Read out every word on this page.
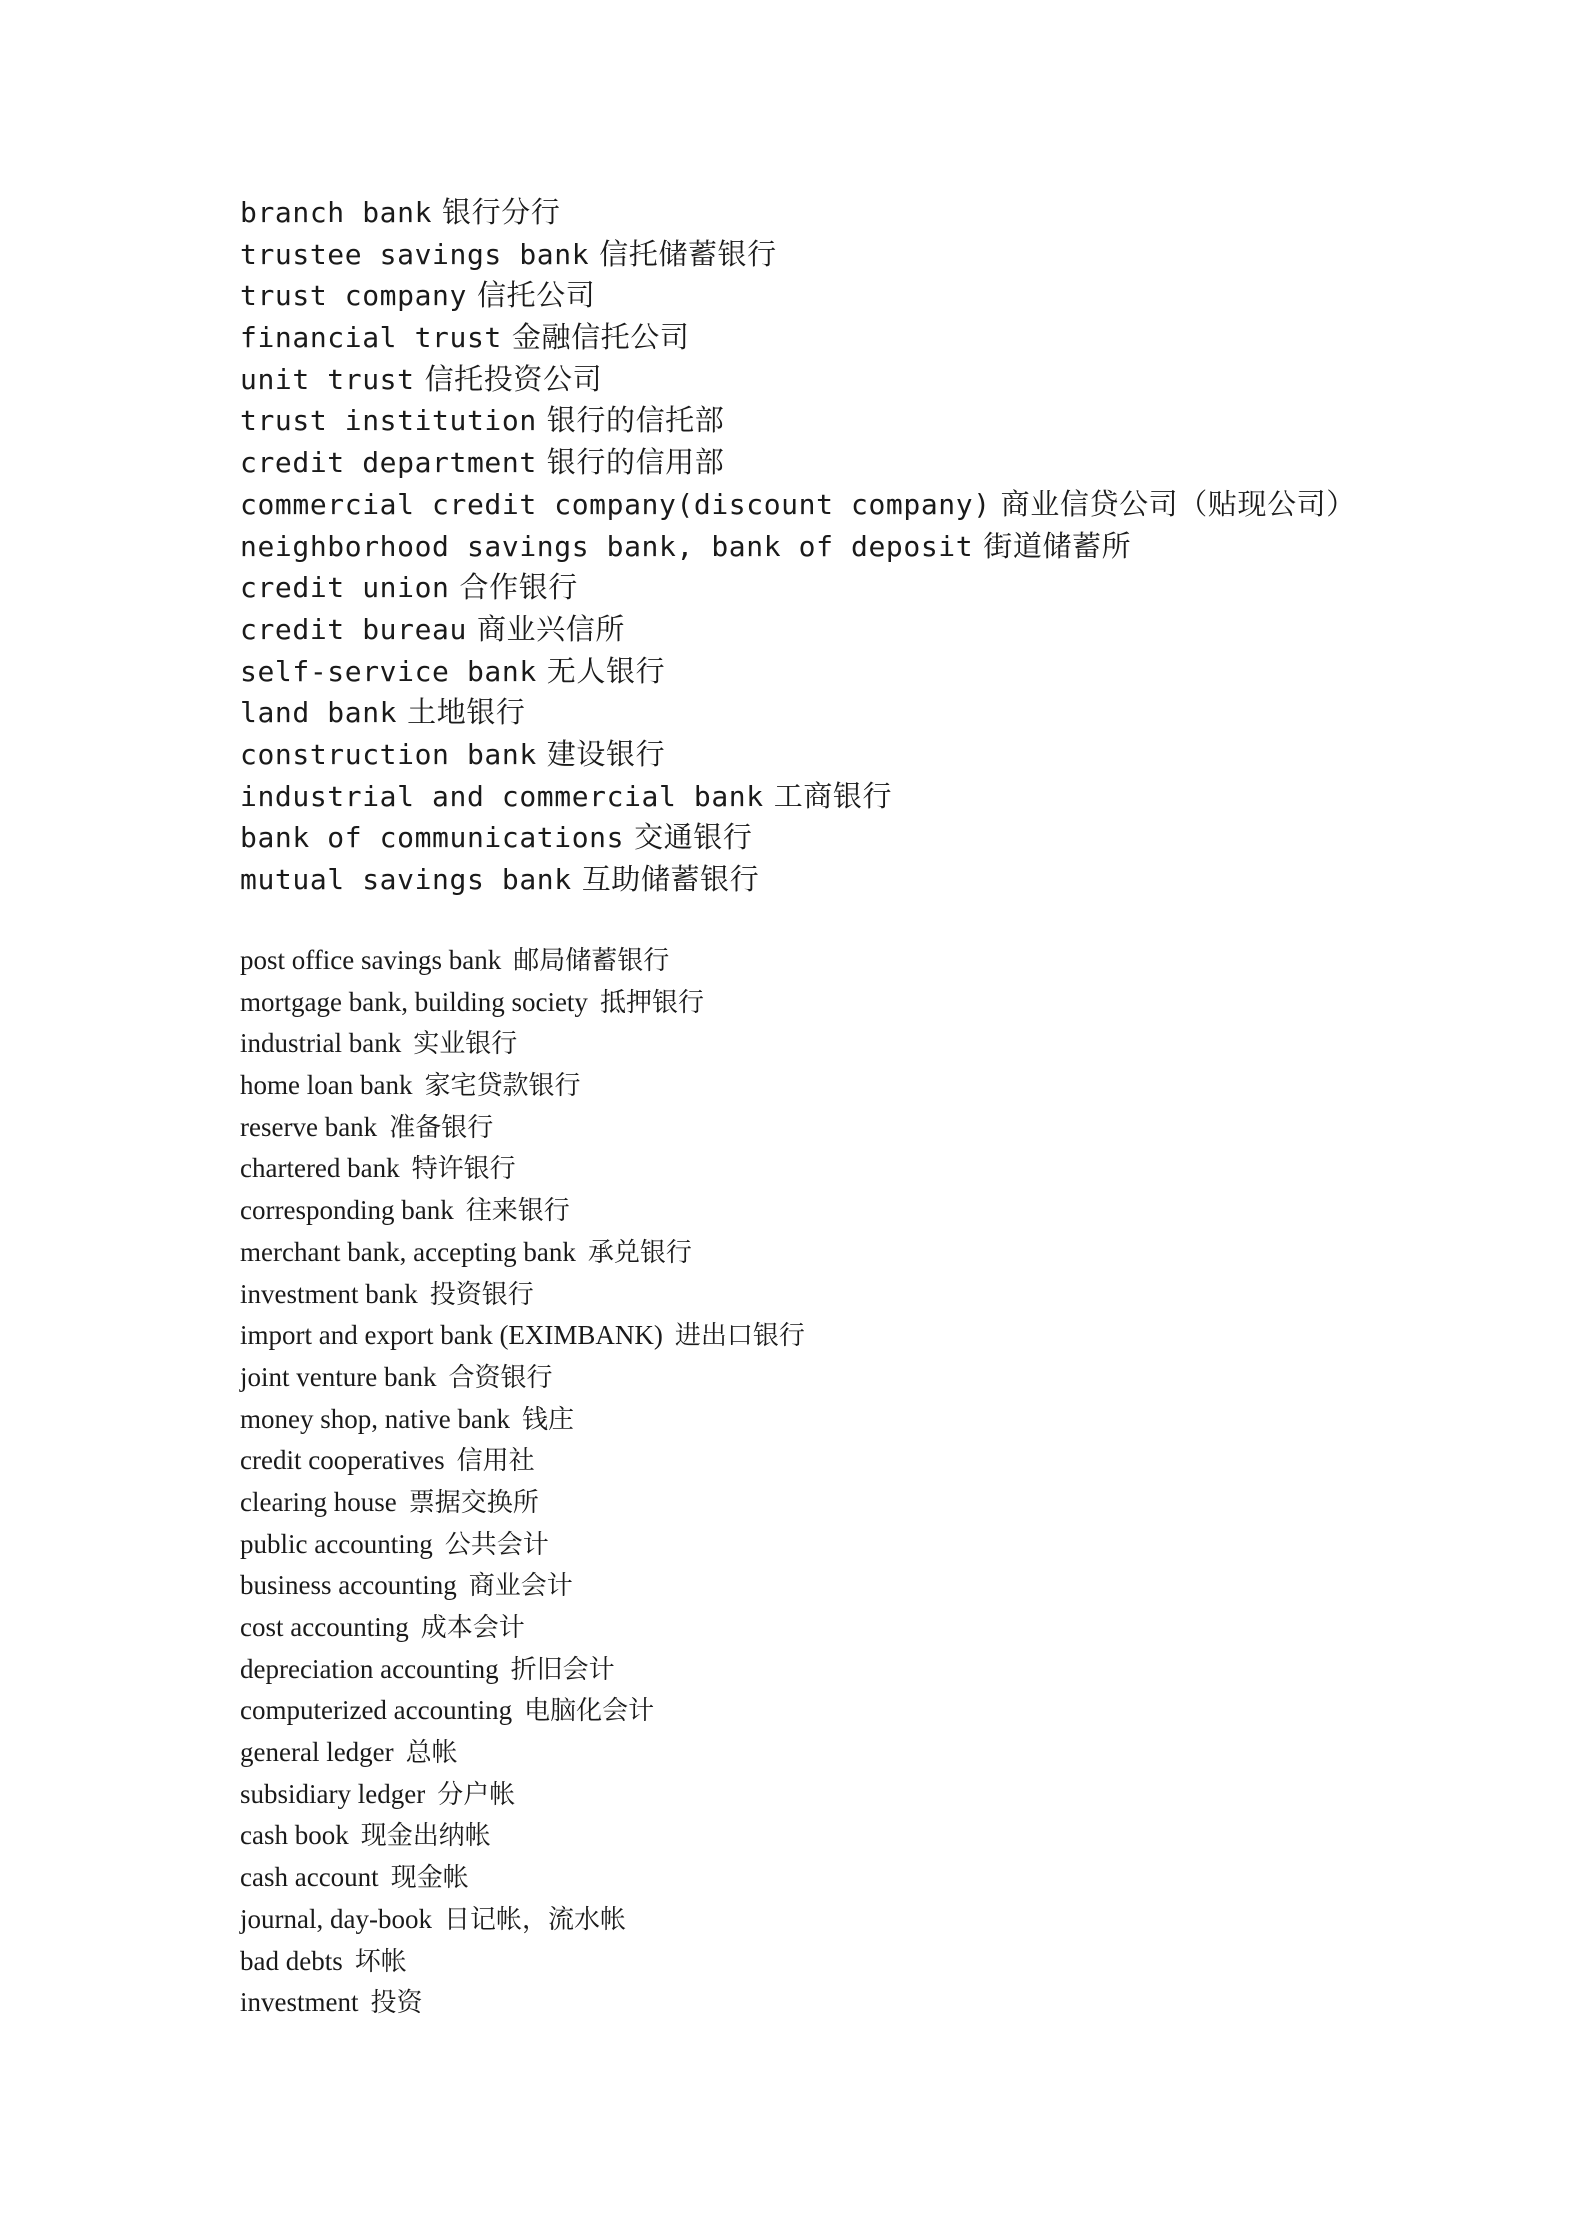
branch bank 银行分行
trustee savings bank 信托储蓄银行
trust company 信托公司
financial trust 金融信托公司
unit trust 信托投资公司
trust institution 银行的信托部
credit department 银行的信用部
commercial credit company(discount company) 商业信贷公司（贴现公司）
neighborhood savings bank, bank of deposit 街道储蓄所
credit union 合作银行
credit bureau 商业兴信所
self-service bank 无人银行
land bank 土地银行
construction bank 建设银行
industrial and commercial bank 工商银行
bank of communications 交通银行
mutual savings bank 互助储蓄银行
post office savings bank 邮局储蓄银行
mortgage bank, building society 抵押银行
industrial bank 实业银行
home loan bank 家宅贷款银行
reserve bank 准备银行
chartered bank 特许银行
corresponding bank 往来银行
merchant bank, accepting bank 承兑银行
investment bank 投资银行
import and export bank (EXIMBANK) 进出口银行
joint venture bank 合资银行
money shop, native bank 钱庄
credit cooperatives 信用社
clearing house 票据交换所
public accounting 公共会计
business accounting 商业会计
cost accounting 成本会计
depreciation accounting 折旧会计
computerized accounting 电脑化会计
general ledger 总帐
subsidiary ledger 分户帐
cash book 现金出纳帐
cash account 现金帐
journal, day-book 日记帐，流水帐
bad debts 坏帐
investment 投资
